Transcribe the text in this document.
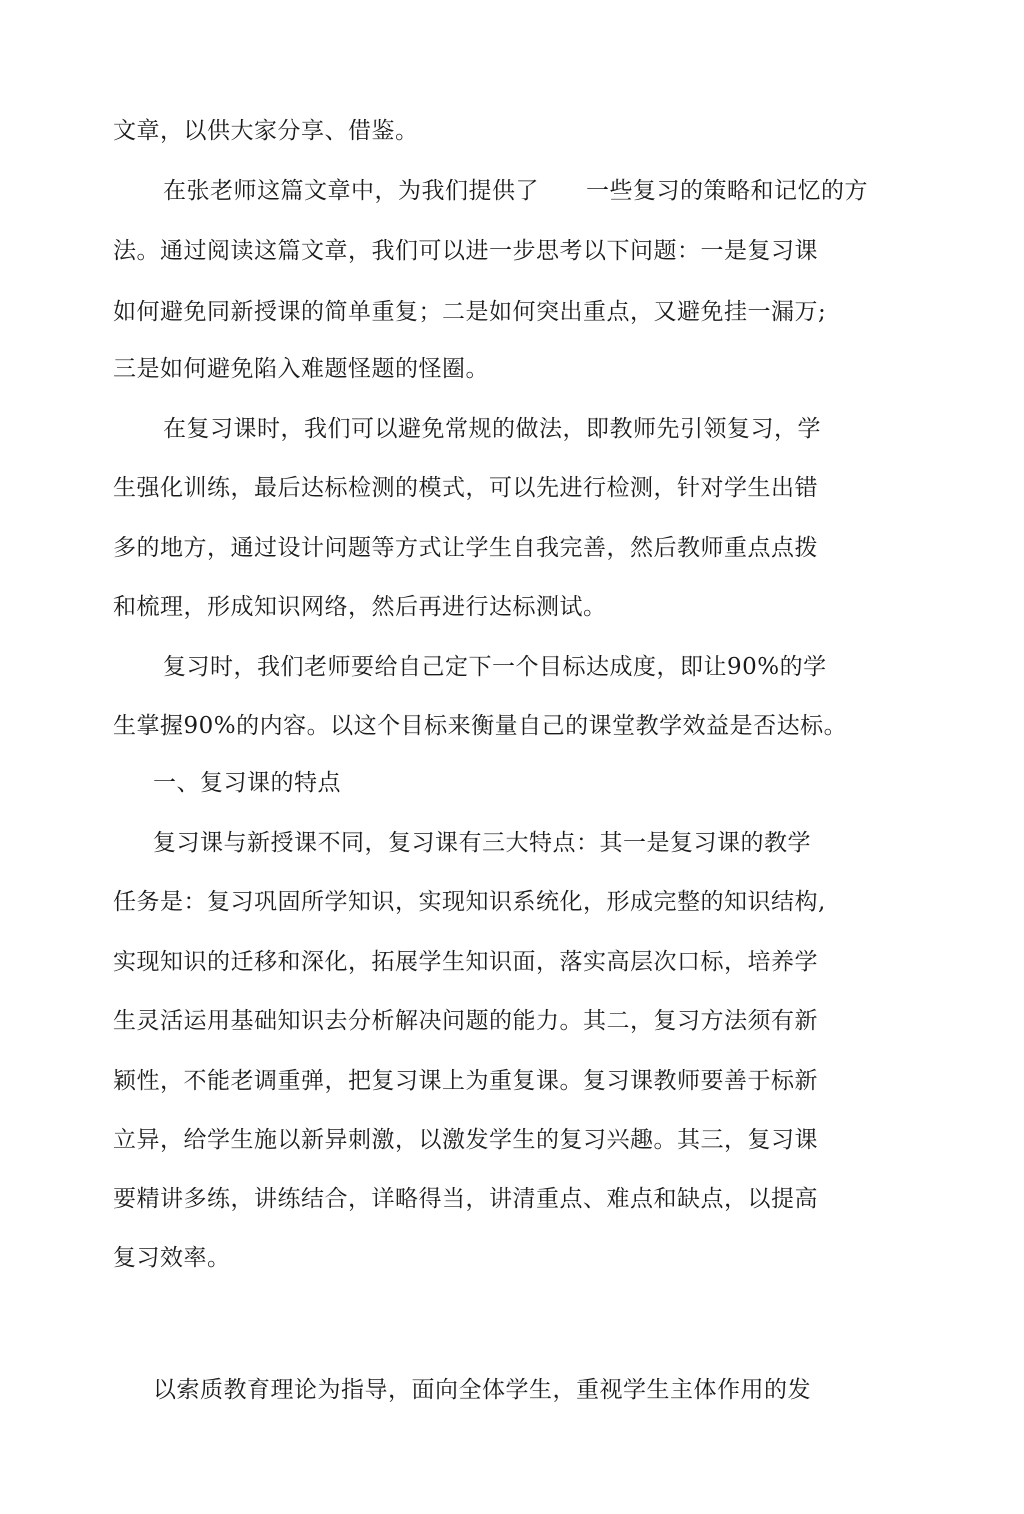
文章，以供大家分享、借鉴。
在张老师这篇文章中，为我们提供了　　一些复习的策略和记忆的方
法。通过阅读这篇文章，我们可以进一步思考以下问题：一是复习课
如何避免同新授课的简单重复；二是如何突出重点，又避免挂一漏万;
三是如何避免陷入难题怪题的怪圈。
在复习课时，我们可以避免常规的做法，即教师先引领复习，学
生强化训练，最后达标检测的模式，可以先进行检测，针对学生出错
多的地方，通过设计问题等方式让学生自我完善，然后教师重点点拨
和梳理，形成知识网络，然后再进行达标测试。
复习时，我们老师要给自己定下一个目标达成度，即让90%的学
生掌握90%的内容。以这个目标来衡量自己的课堂教学效益是否达标。
一、复习课的特点
复习课与新授课不同，复习课有三大特点：其一是复习课的教学
任务是：复习巩固所学知识，实现知识系统化，形成完整的知识结构,
实现知识的迁移和深化，拓展学生知识面，落实高层次口标，培养学
生灵活运用基础知识去分析解决问题的能力。其二，复习方法须有新
颖性，不能老调重弹，把复习课上为重复课。复习课教师要善于标新
立异，给学生施以新异刺激，以激发学生的复习兴趣。其三，复习课
要精讲多练，讲练结合，详略得当，讲清重点、难点和缺点，以提高
复习效率。
以索质教育理论为指导，面向全体学生，重视学生主体作用的发
